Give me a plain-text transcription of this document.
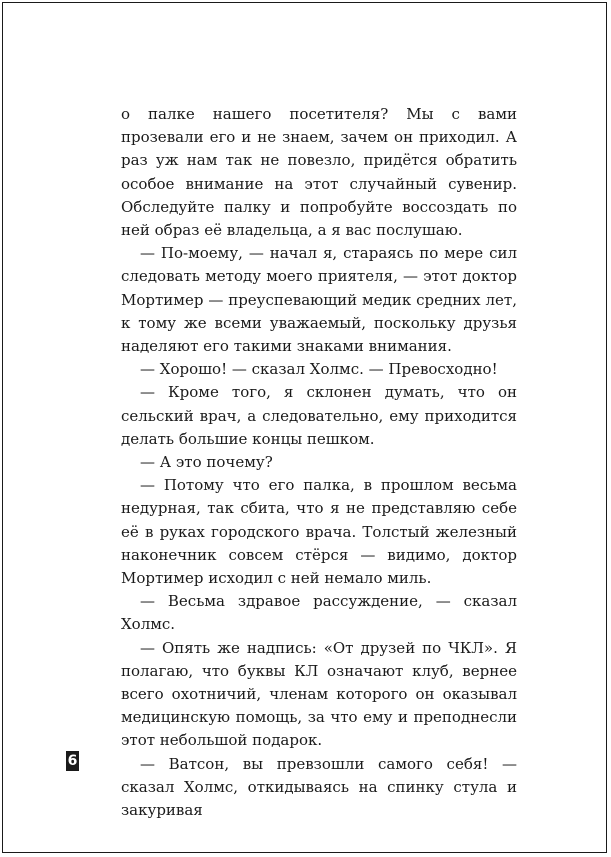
о палке нашего посетителя? Мы с вами прозевали его и не знаем, зачем он приходил. А раз уж нам так не повезло, придётся обратить особое внимание на этот случайный сувенир. Обследуйте палку и попробуйте воссоздать по ней образ её владельца, а я вас послушаю.

— По-моему, — начал я, стараясь по мере сил следовать методу моего приятеля, — этот доктор Мортимер — преуспевающий медик средних лет, к тому же всеми уважаемый, поскольку друзья наделяют его такими знаками внимания.

— Хорошо! — сказал Холмс. — Превосходно!

— Кроме того, я склонен думать, что он сельский врач, а следовательно, ему приходится делать большие концы пешком.

— А это почему?

— Потому что его палка, в прошлом весьма недурная, так сбита, что я не представляю себе её в руках городского врача. Толстый железный наконечник совсем стёрся — видимо, доктор Мортимер исходил с ней немало миль.

— Весьма здравое рассуждение, — сказал Холмс.

— Опять же надпись: «От друзей по ЧКЛ». Я полагаю, что буквы КЛ означают клуб, вернее всего охотничий, членам которого он оказывал медицинскую помощь, за что ему и преподнесли этот небольшой подарок.

— Ватсон, вы превзошли самого себя! — сказал Холмс, откидываясь на спинку стула и закуривая

6
